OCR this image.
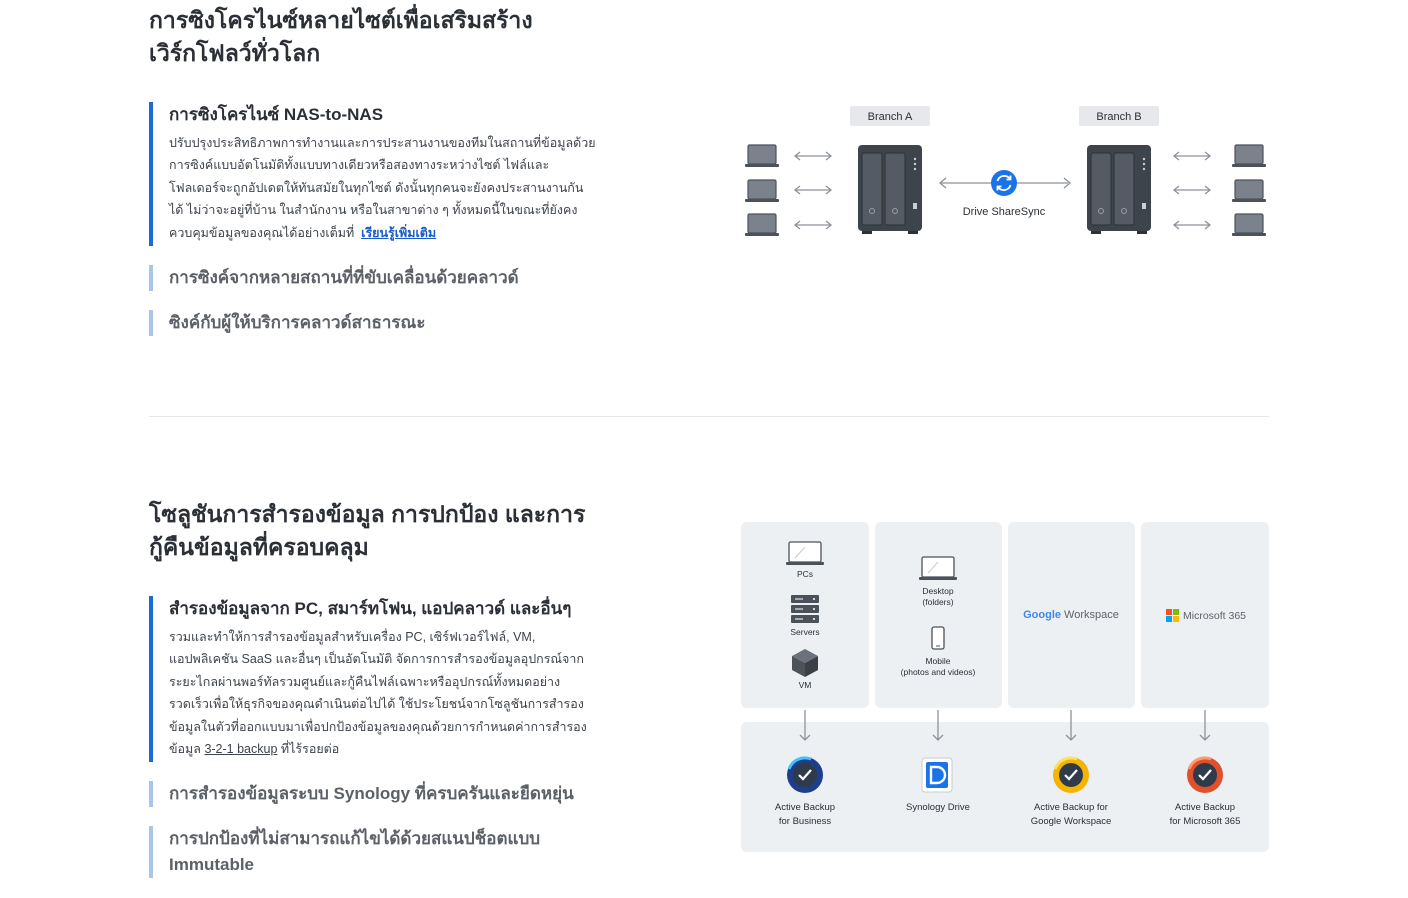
การซิงโครไนซ์หลายไซต์เพื่อเสริมสร้าง
เวิร์กโฟลว์ทั่วโลก
การซิงโครไนซ์ NAS-to-NAS
ปรับปรุงประสิทธิภาพการทำงานและการประสานงานของทีมในสถานที่ข้อมูลด้วย
การซิงค์แบบอัตโนมัติทั้งแบบทางเดียวหรือสองทางระหว่างไซต์ ไฟล์และ
โฟลเดอร์จะถูกอัปเดตให้ทันสมัยในทุกไซต์ ดังนั้นทุกคนจะยังคงประสานงานกัน
ได้ ไม่ว่าจะอยู่ที่บ้าน ในสำนักงาน หรือในสาขาต่าง ๆ ทั้งหมดนี้ในขณะที่ยังคง
ควบคุมข้อมูลของคุณได้อย่างเต็มที่ เรียนรู้เพิ่มเติม
การซิงค์จากหลายสถานที่ที่ขับเคลื่อนด้วยคลาวด์
ซิงค์กับผู้ให้บริการคลาวด์สาธารณะ
Branch A	Branch B
Drive ShareSync
โซลูชันการสำรองข้อมูล การปกป้อง และการ
กู้คืนข้อมูลที่ครอบคลุม
สำรองข้อมูลจาก PC, สมาร์ทโฟน, แอปคลาวด์ และอื่นๆ
รวมและทำให้การสำรองข้อมูลสำหรับเครื่อง PC, เซิร์ฟเวอร์ไฟล์, VM,
แอปพลิเคชัน SaaS และอื่นๆ เป็นอัตโนมัติ จัดการการสำรองข้อมูลอุปกรณ์จาก
ระยะไกลผ่านพอร์ทัลรวมศูนย์และกู้คืนไฟล์เฉพาะหรืออุปกรณ์ทั้งหมดอย่าง
รวดเร็วเพื่อให้ธุรกิจของคุณดำเนินต่อไปได้ ใช้ประโยชน์จากโซลูชันการสำรอง
ข้อมูลในตัวที่ออกแบบมาเพื่อปกป้องข้อมูลของคุณด้วยการกำหนดค่าการสำรอง
ข้อมูล 3-2-1 backup ที่ไร้รอยต่อ
การสำรองข้อมูลระบบ Synology ที่ครบครันและยืดหยุ่น
การปกป้องที่ไม่สามารถแก้ไขได้ด้วยสแนปช็อตแบบ
Immutable
PCs
Servers
VM
Desktop
(folders)
Mobile
(photos and videos)
Google Workspace	Microsoft 365
Active Backup
for Business
Synology Drive	Active Backup for
Google Workspace
Active Backup
for Microsoft 365
